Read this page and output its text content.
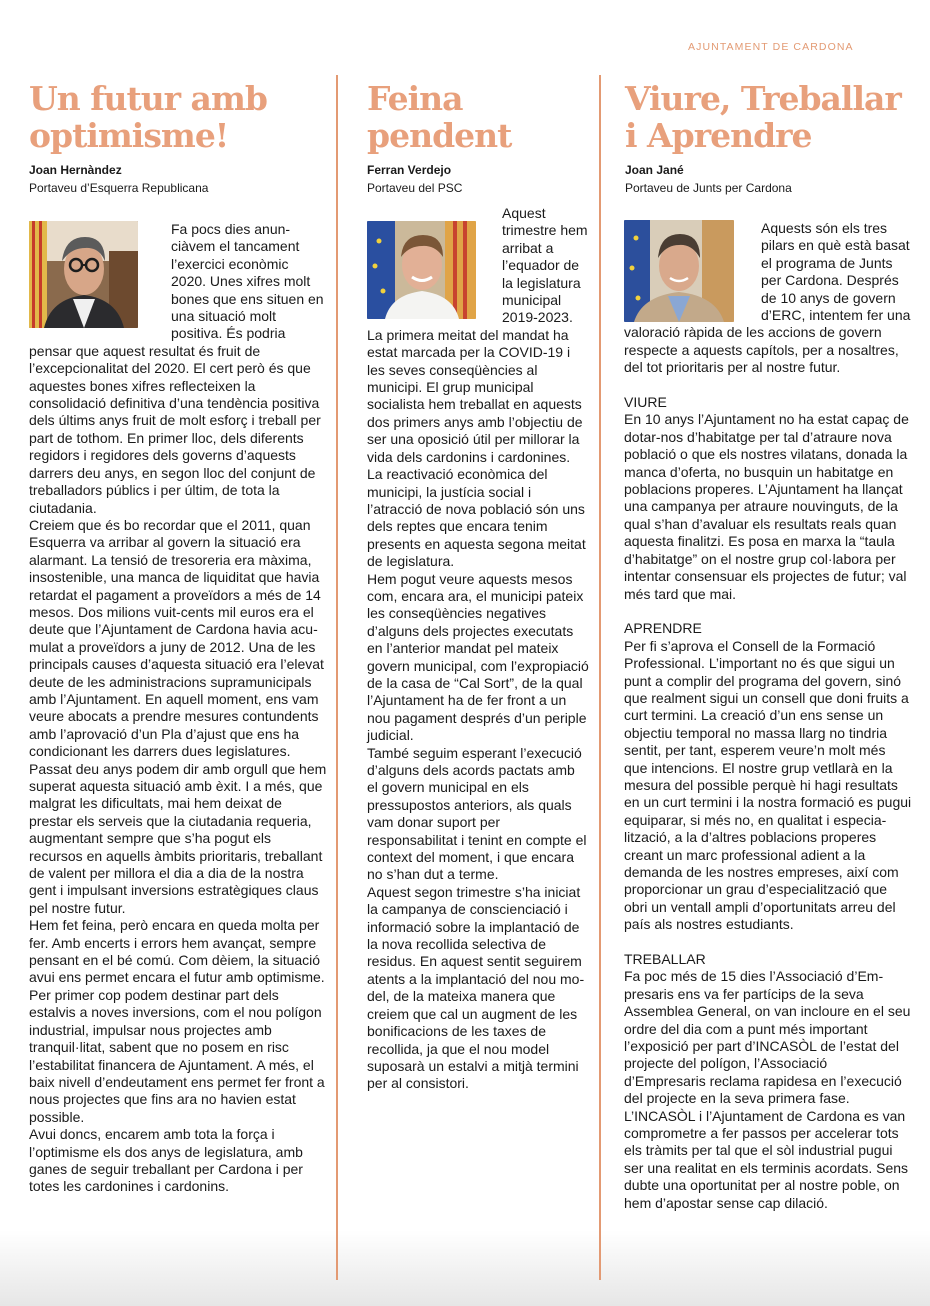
AJUNTAMENT DE CARDONA
Un futur amb
optimisme!
Joan Hernàndez
Portaveu d’Esquerra Republicana

Fa pocs dies anunciàvem el tancament l’exercici econòmic 2020. Unes xifres molt bones que ens situen en una situació molt positiva. És podria pensar que aquest resultat és fruit de l’excepcionalitat del 2020. El cert però és que aquestes bones xifres reflecteixen la consolidació definitiva d’una tendència positiva dels últims anys fruit de molt esforç i treball per part de tothom. En primer lloc, dels diferents regidors i regidores dels governs d’aquests darrers deu anys, en segon lloc del conjunt de treballadors públics i per últim, de tota la ciutadania.

Creiem que és bo recordar que el 2011, quan Esquerra va arribar al govern la situació era alarmant. La tensió de tresoreria era màxima, insostenible, una manca de liquiditat que havia retardat el pagament a proveïdors a més de 14 mesos. Dos milions vuit-cents mil euros era el deute que l’Ajuntament de Cardona havia acumulat a proveïdors a juny de 2012. Una de les principals causes d’aquesta situació era l’elevat deute de les administracions supramunicipals amb l’Ajuntament. En aquell moment, ens vam veure abocats a prendre mesures contundents amb l’aprovació d’un Pla d’ajust que ens ha condicionant les darrers dues legislatures.

Passat deu anys podem dir amb orgull que hem superat aquesta situació amb èxit. I a més, que malgrat les dificultats, mai hem deixat de prestar els serveis que la ciutadania requeria, augmentant sempre que s’ha pogut els recursos en aquells àmbits prioritaris, treballant de valent per millora el dia a dia de la nostra gent i impulsant inversions estratègiques claus pel nostre futur.

Hem fet feina, però encara en queda molta per fer. Amb encerts i errors hem avançat, sempre pensant en el bé comú. Com dèiem, la situació avui ens permet encara el futur amb optimisme. Per primer cop podem destinar part dels estalvis a noves inversions, com el nou polígon industrial, impulsar nous projectes amb tranquil·litat, sabent que no posem en risc l’estabilitat financera de Ajuntament. A més, el baix nivell d’endeutament ens permet fer front a nous projectes que fins ara no havien estat possible.

Avui doncs, encarem amb tota la força i l’optimisme els dos anys de legislatura, amb ganes de seguir treballant per Cardona i per totes les cardonines i cardonins.

Feina
pendent
Ferran Verdejo
Portaveu del PSC

Aquest trimestre hem arribat a l’equador de la legislatura municipal 2019-2023. La primera meitat del mandat ha estat marcada per la COVID-19 i les seves conseqüències al municipi. El grup municipal socialista hem treballat en aquests dos primers anys amb l’objectiu de ser una oposició útil per millorar la vida dels cardonins i cardonines. La reactivació econòmica del municipi, la justícia social i l’atracció de nova població són uns dels reptes que encara tenim presents en aquesta segona meitat de legislatura.

Hem pogut veure aquests mesos com, encara ara, el municipi pateix les conseqüències negatives d’alguns dels projectes executats en l’anterior mandat pel mateix govern municipal, com l’expropiació de la casa de “Cal Sort”, de la qual l’Ajuntament ha de fer front a un nou pagament després d’un periple judicial.

També seguim esperant l’execució d’alguns dels acords pactats amb el govern municipal en els pressupostos anteriors, als quals vam donar suport per responsabilitat i tenint en compte el context del moment, i que encara no s’han dut a terme.

Aquest segon trimestre s’ha iniciat la campanya de conscienciació i informació sobre la implantació de la nova recollida selectiva de residus. En aquest sentit seguirem atents a la implantació del nou model, de la mateixa manera que creiem que cal un augment de les bonificacions de les taxes de recollida, ja que el nou model suposarà un estalvi a mitjà termini per al consistori.

Viure, Treballar
i Aprendre
Joan Jané
Portaveu de Junts per Cardona

Aquests són els tres pilars en què està basat el programa de Junts per Cardona. Després de 10 anys de govern d’ERC, intentem fer una valoració ràpida de les accions de govern respecte a aquests capítols, per a nosaltres, del tot prioritaris per al nostre futur.

VIURE

En 10 anys l’Ajuntament no ha estat capaç de dotar-nos d’habitatge per tal d’atraure nova població o que els nostres vilatans, donada la manca d’oferta, no busquin un habitatge en poblacions properes. L’Ajuntament ha llançat una campanya per atraure nouvinguts, de la qual s’han d’avaluar els resultats reals quan aquesta finalitzi. Es posa en marxa la “taula d’habitatge” on el nostre grup col·labora per intentar consensuar els projectes de futur; val més tard que mai.

APRENDRE

Per fi s’aprova el Consell de la Formació Professional. L’important no és que sigui un punt a complir del programa del govern, sinó que realment sigui un consell que doni fruits a curt termini. La creació d’un ens sense un objectiu temporal no massa llarg no tindria sentit, per tant, esperem veure’n molt més que intencions. El nostre grup vetllarà en la mesura del possible perquè hi hagi resultats en un curt termini i la nostra formació es pugui equiparar, si més no, en qualitat i especialització, a la d’altres poblacions properes creant un marc professional adient a la demanda de les nostres empreses, així com proporcionar un grau d’especialització que obri un ventall ampli d’oportunitats arreu del país als nostres estudiants.

TREBALLAR

Fa poc més de 15 dies l’Associació d’Empresaris ens va fer partícips de la seva Assemblea General, on van incloure en el seu ordre del dia com a punt més important l’exposició per part d’INCASÒL de l’estat del projecte del polígon, l’Associació d’Empresaris reclama rapidesa en l’execució del projecte en la seva primera fase. L’INCASÒL i l’Ajuntament de Cardona es van comprometre a fer passos per accelerar tots els tràmits per tal que el sòl industrial pugui ser una realitat en els terminis acordats. Sens dubte una oportunitat per al nostre poble, on hem d’apostar sense cap dilació.
